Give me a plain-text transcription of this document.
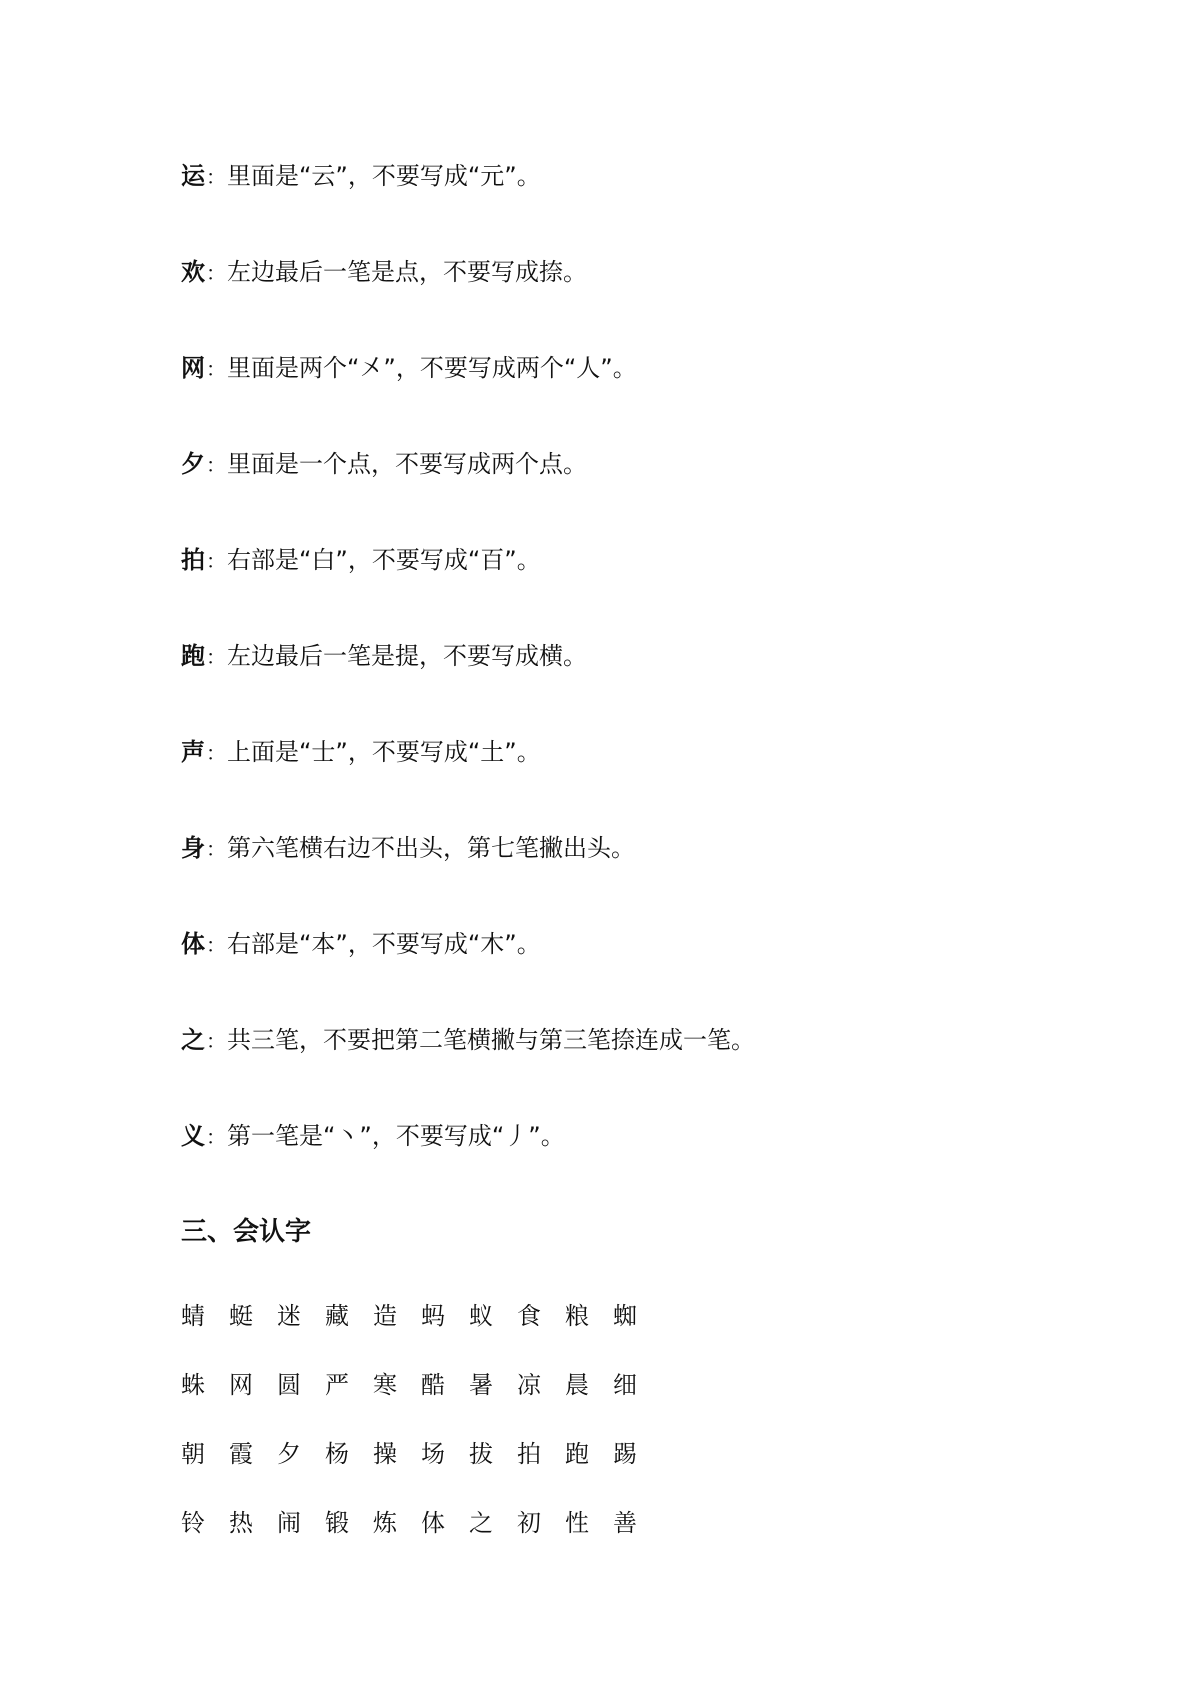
运：里面是“云”，不要写成“元”。
欢：左边最后一笔是点，不要写成捺。
网：里面是两个“㐅”，不要写成两个“人”。
夕：里面是一个点，不要写成两个点。
拍：右部是“白”，不要写成“百”。
跑：左边最后一笔是提，不要写成横。
声：上面是“士”，不要写成“土”。
身：第六笔横右边不出头，第七笔撇出头。
体：右部是“本”，不要写成“木”。
之：共三笔，不要把第二笔横撇与第三笔捺连成一笔。
义：第一笔是“丶”，不要写成“丿”。
三、会认字
蜻	蜓	迷	藏	造	蚂	蚁	食	粮	蜘
蛛	网	圆	严	寒	酷	暑	凉	晨	细
朝	霞	夕	杨	操	场	拔	拍	跑	踢
铃	热	闹	锻	炼	体	之	初	性	善
